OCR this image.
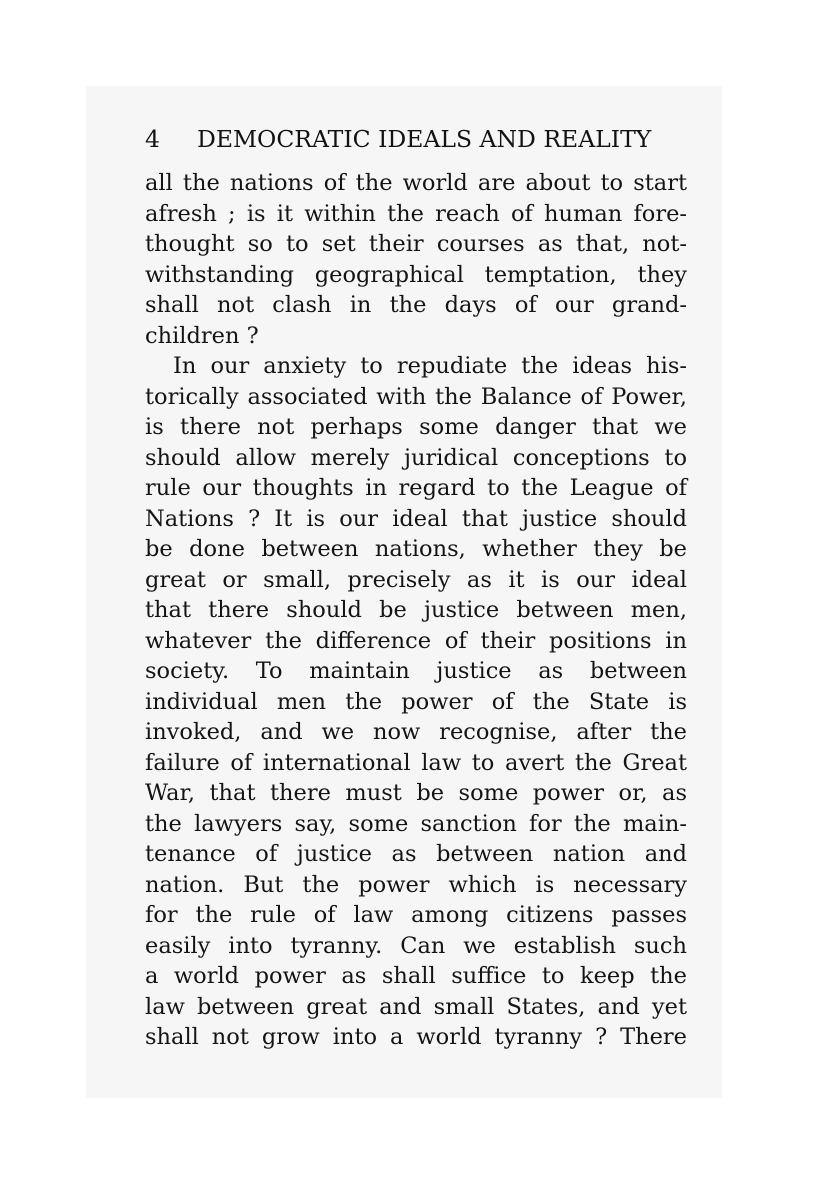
4 DEMOCRATIC IDEALS AND REALITY
all the nations of the world are about to start
afresh ; is it within the reach of human fore-
thought so to set their courses as that, not-
withstanding geographical temptation, they
shall not clash in the days of our grand-
children ?
In our anxiety to repudiate the ideas his-
torically associated with the Balance of Power,
is there not perhaps some danger that we
should allow merely juridical conceptions to
rule our thoughts in regard to the League of
Nations ? It is our ideal that justice should
be done between nations, whether they be
great or small, precisely as it is our ideal
that there should be justice between men,
whatever the difference of their positions in
society. To maintain justice as between
individual men the power of the State is
invoked, and we now recognise, after the
failure of international law to avert the Great
War, that there must be some power or, as
the lawyers say, some sanction for the main-
tenance of justice as between nation and
nation. But the power which is necessary
for the rule of law among citizens passes
easily into tyranny. Can we establish such
a world power as shall suffice to keep the
law between great and small States, and yet
shall not grow into a world tyranny ? There
